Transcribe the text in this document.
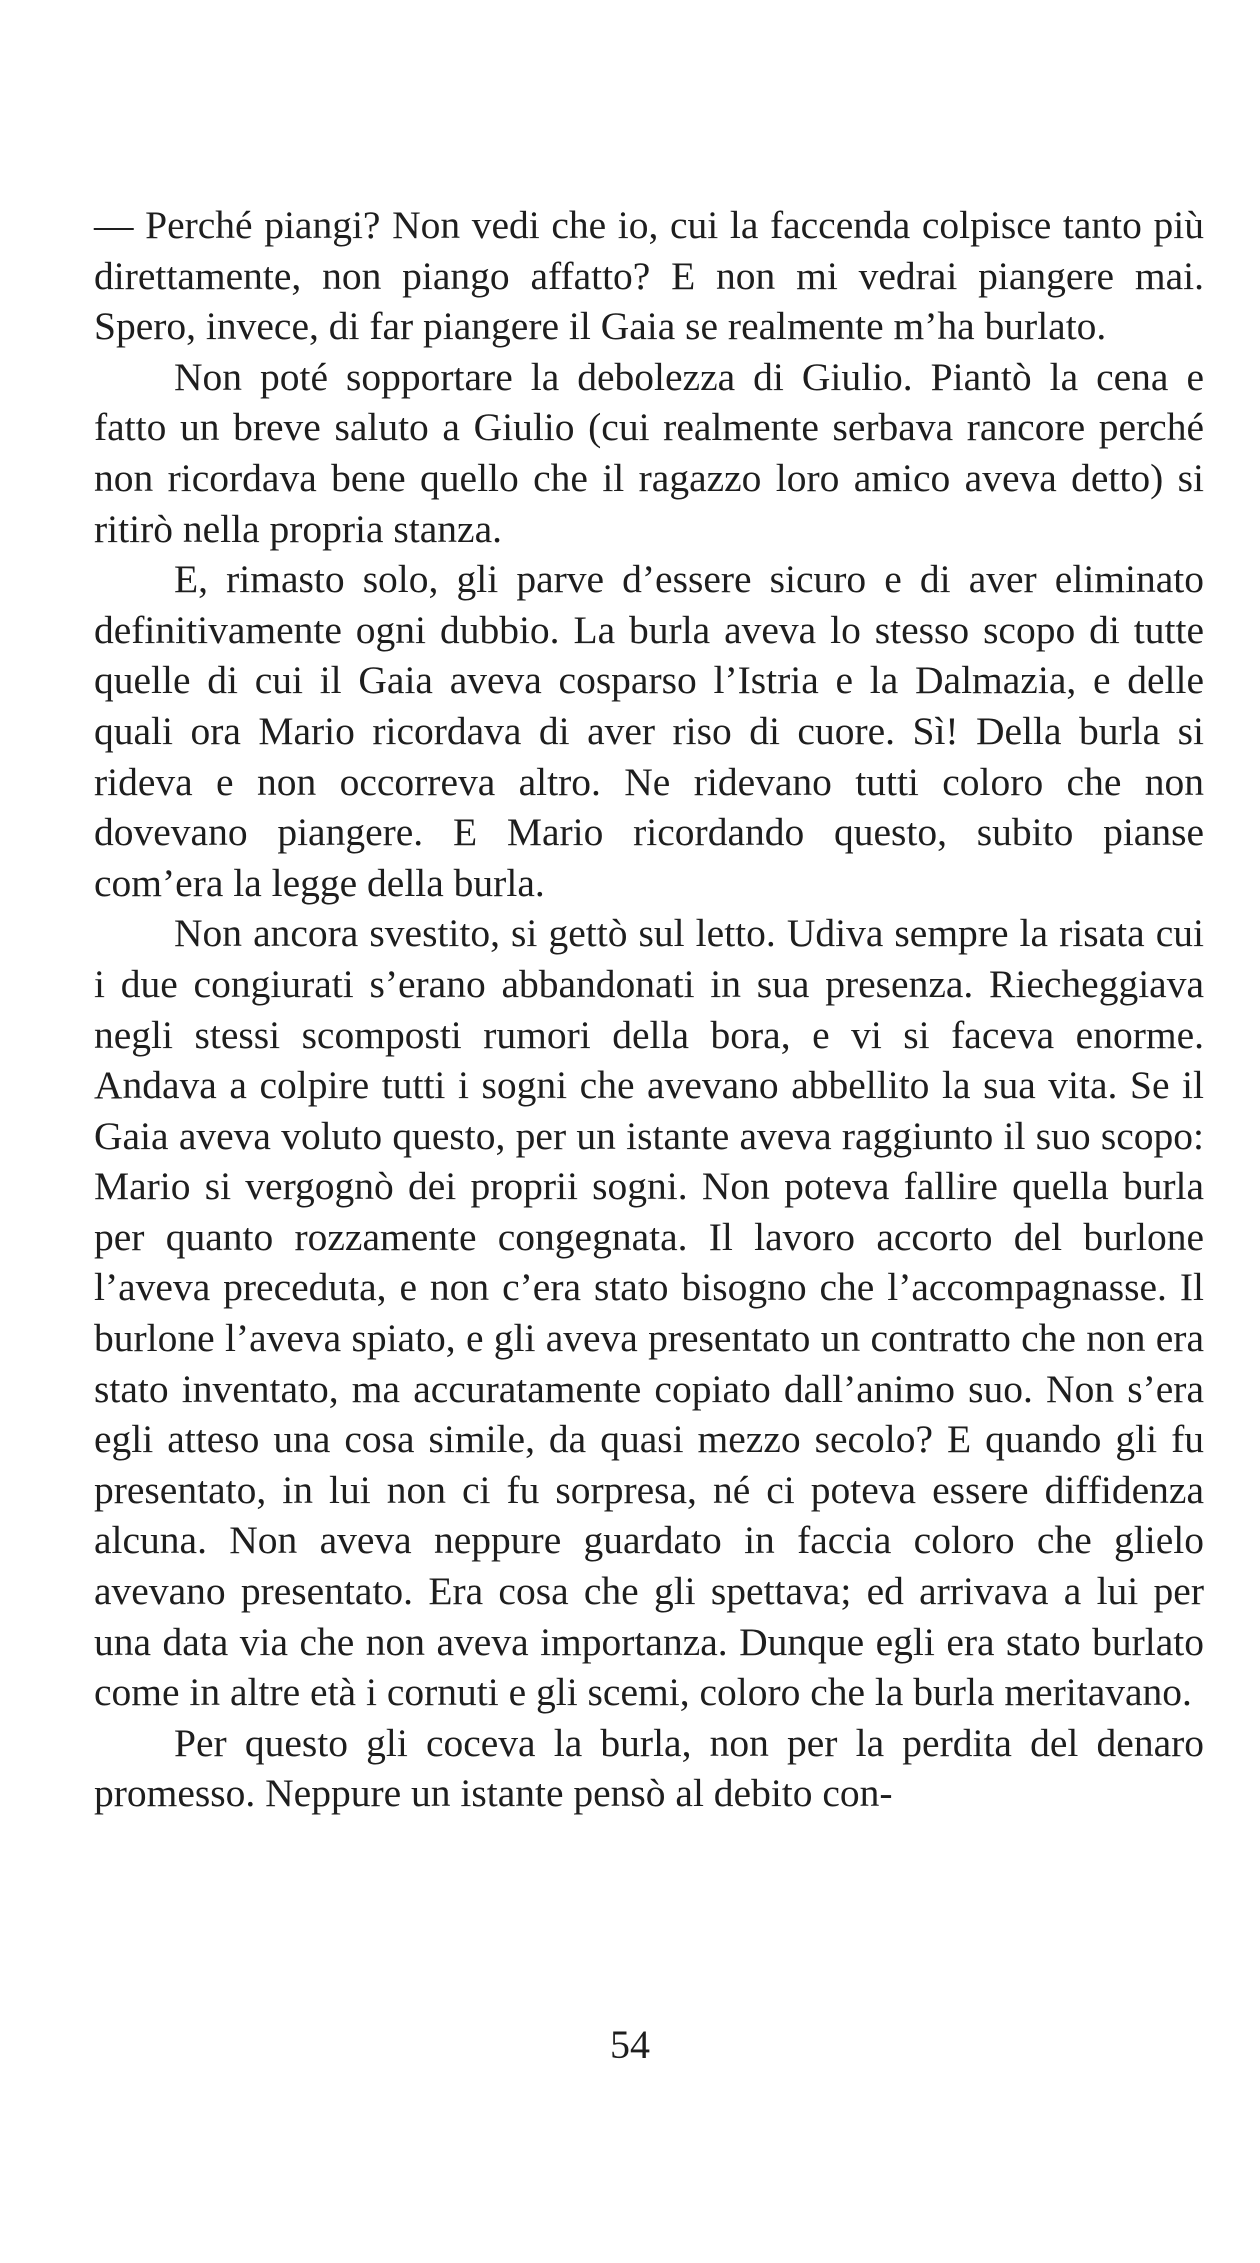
— Perché piangi? Non vedi che io, cui la faccenda colpisce tanto più direttamente, non piango affatto? E non mi vedrai piangere mai. Spero, invece, di far piangere il Gaia se realmente m’ha burlato.

Non poté sopportare la debolezza di Giulio. Piantò la cena e fatto un breve saluto a Giulio (cui realmente serbava rancore perché non ricordava bene quello che il ragazzo loro amico aveva detto) si ritirò nella propria stanza.

E, rimasto solo, gli parve d’essere sicuro e di aver eliminato definitivamente ogni dubbio. La burla aveva lo stesso scopo di tutte quelle di cui il Gaia aveva cosparso l’Istria e la Dalmazia, e delle quali ora Mario ricordava di aver riso di cuore. Sì! Della burla si rideva e non occorreva altro. Ne ridevano tutti coloro che non dovevano piangere. E Mario ricordando questo, subito pianse com’era la legge della burla.

Non ancora svestito, si gettò sul letto. Udiva sempre la risata cui i due congiurati s’erano abbandonati in sua presenza. Riecheggiava negli stessi scomposti rumori della bora, e vi si faceva enorme. Andava a colpire tutti i sogni che avevano abbellito la sua vita. Se il Gaia aveva voluto questo, per un istante aveva raggiunto il suo scopo: Mario si vergognò dei proprii sogni. Non poteva fallire quella burla per quanto rozzamente congegnata. Il lavoro accorto del burlone l’aveva preceduta, e non c’era stato bisogno che l’accompagnasse. Il burlone l’aveva spiato, e gli aveva presentato un contratto che non era stato inventato, ma accuratamente copiato dall’animo suo. Non s’era egli atteso una cosa simile, da quasi mezzo secolo? E quando gli fu presentato, in lui non ci fu sorpresa, né ci poteva essere diffidenza alcuna. Non aveva neppure guardato in faccia coloro che glielo avevano presentato. Era cosa che gli spettava; ed arrivava a lui per una data via che non aveva importanza. Dunque egli era stato burlato come in altre età i cornuti e gli scemi, coloro che la burla meritavano.

Per questo gli coceva la burla, non per la perdita del denaro promesso. Neppure un istante pensò al debito con-

54
